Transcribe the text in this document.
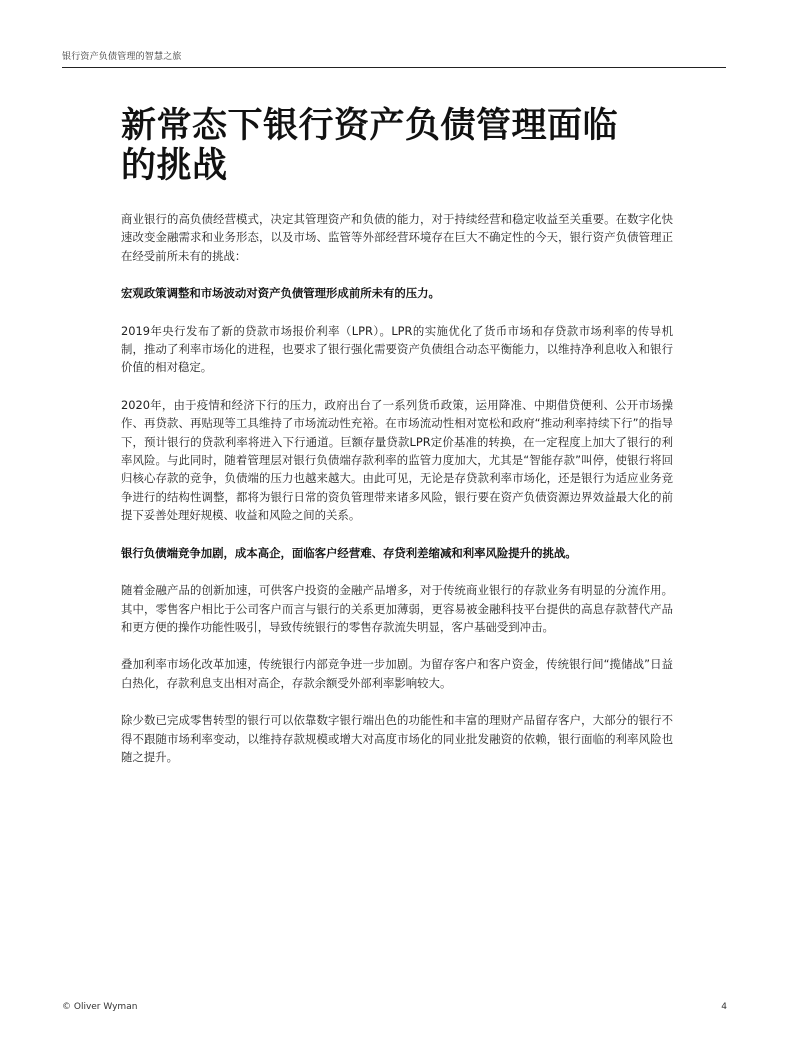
银行资产负债管理的智慧之旅
新常态下银行资产负债管理面临
的挑战

商业银行的高负债经营模式，决定其管理资产和负债的能力，对于持续经营和稳定收益至关重要。在数字化快速改变金融需求和业务形态，以及市场、监管等外部经营环境存在巨大不确定性的今天，银行资产负债管理正在经受前所未有的挑战：

宏观政策调整和市场波动对资产负债管理形成前所未有的压力。

2019年央行发布了新的贷款市场报价利率（LPR）。LPR的实施优化了货币市场和存贷款市场利率的传导机制，推动了利率市场化的进程，也要求了银行强化需要资产负债组合动态平衡能力，以维持净利息收入和银行价值的相对稳定。

2020年，由于疫情和经济下行的压力，政府出台了一系列货币政策，运用降准、中期借贷便利、公开市场操作、再贷款、再贴现等工具维持了市场流动性充裕。在市场流动性相对宽松和政府“推动利率持续下行”的指导下，预计银行的贷款利率将进入下行通道。巨额存量贷款LPR定价基准的转换，在一定程度上加大了银行的利率风险。与此同时，随着管理层对银行负债端存款利率的监管力度加大，尤其是“智能存款”叫停，使银行将回归核心存款的竞争，负债端的压力也越来越大。由此可见，无论是存贷款利率市场化，还是银行为适应业务竞争进行的结构性调整，都将为银行日常的资负管理带来诸多风险，银行要在资产负债资源边界效益最大化的前提下妥善处理好规模、收益和风险之间的关系。

银行负债端竞争加剧，成本高企，面临客户经营难、存贷利差缩减和利率风险提升的挑战。

随着金融产品的创新加速，可供客户投资的金融产品增多，对于传统商业银行的存款业务有明显的分流作用。其中，零售客户相比于公司客户而言与银行的关系更加薄弱，更容易被金融科技平台提供的高息存款替代产品和更方便的操作功能性吸引，导致传统银行的零售存款流失明显，客户基础受到冲击。

叠加利率市场化改革加速，传统银行内部竞争进一步加剧。为留存客户和客户资金，传统银行间“揽储战”日益白热化，存款利息支出相对高企，存款余额受外部利率影响较大。

除少数已完成零售转型的银行可以依靠数字银行端出色的功能性和丰富的理财产品留存客户，大部分的银行不得不跟随市场利率变动，以维持存款规模或增大对高度市场化的同业批发融资的依赖，银行面临的利率风险也随之提升。

© Oliver Wyman	4
